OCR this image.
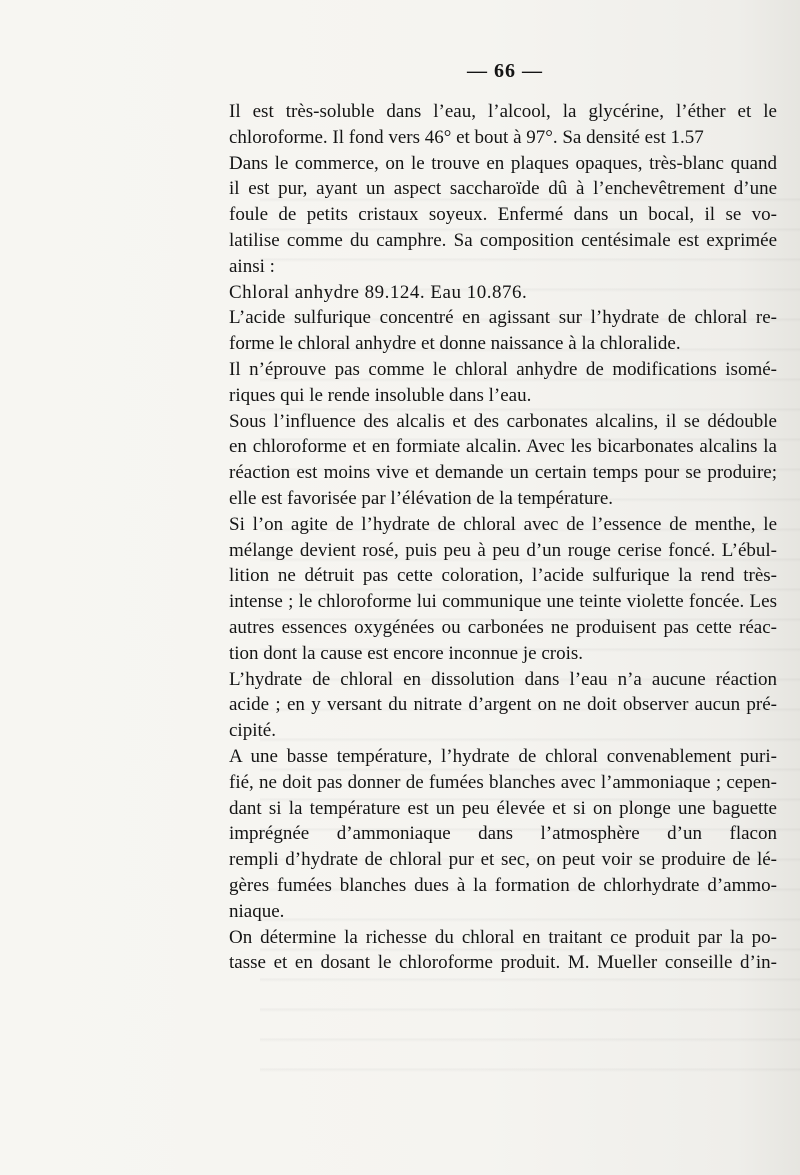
— 66 —
Il est très-soluble dans l’eau, l’alcool, la glycérine, l’éther et le
chloroforme. Il fond vers 46° et bout à 97°. Sa densité est 1.57
Dans le commerce, on le trouve en plaques opaques, très-blanc quand
il est pur, ayant un aspect saccharoïde dû à l’enchevêtrement d’une
foule de petits cristaux soyeux. Enfermé dans un bocal, il se vo-
latilise comme du camphre. Sa composition centésimale est exprimée
ainsi :
Chloral anhydre 89.124. Eau 10.876.
L’acide sulfurique concentré en agissant sur l’hydrate de chloral re-
forme le chloral anhydre et donne naissance à la chloralide.
Il n’éprouve pas comme le chloral anhydre de modifications isomé-
riques qui le rende insoluble dans l’eau.
Sous l’influence des alcalis et des carbonates alcalins, il se dédouble
en chloroforme et en formiate alcalin. Avec les bicarbonates alcalins la
réaction est moins vive et demande un certain temps pour se produire;
elle est favorisée par l’élévation de la température.
Si l’on agite de l’hydrate de chloral avec de l’essence de menthe, le
mélange devient rosé, puis peu à peu d’un rouge cerise foncé. L’ébul-
lition ne détruit pas cette coloration, l’acide sulfurique la rend très-
intense ; le chloroforme lui communique une teinte violette foncée. Les
autres essences oxygénées ou carbonées ne produisent pas cette réac-
tion dont la cause est encore inconnue je crois.
L’hydrate de chloral en dissolution dans l’eau n’a aucune réaction
acide ; en y versant du nitrate d’argent on ne doit observer aucun pré-
cipité.
A une basse température, l’hydrate de chloral convenablement puri-
fié, ne doit pas donner de fumées blanches avec l’ammoniaque ; cepen-
dant si la température est un peu élevée et si on plonge une baguette
imprégnée d’ammoniaque dans l’atmosphère d’un flacon
rempli d’hydrate de chloral pur et sec, on peut voir se produire de lé-
gères fumées blanches dues à la formation de chlorhydrate d’ammo-
niaque.
On détermine la richesse du chloral en traitant ce produit par la po-
tasse et en dosant le chloroforme produit. M. Mueller conseille d’in-
